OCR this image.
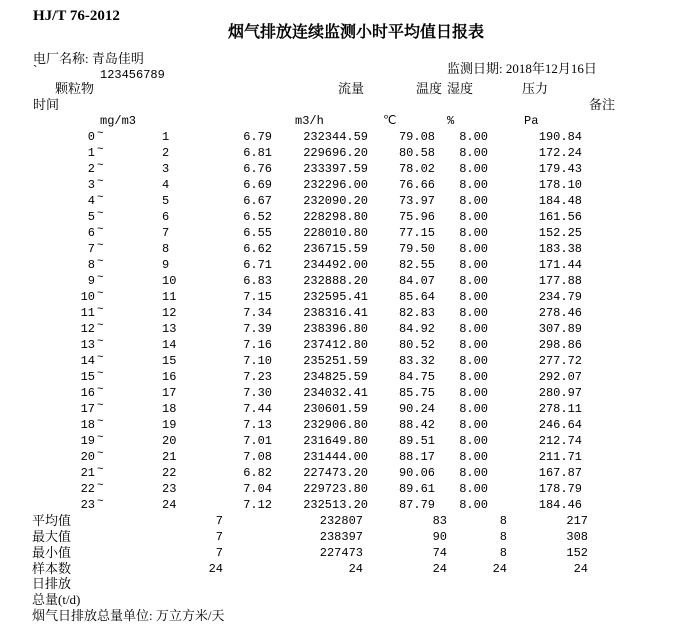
HJ/T 76-2012
烟气排放连续监测小时平均值日报表
电厂名称: 青岛佳明
`	123456789	监测日期: 2018年12月16日
颗粒物	流量	温度 湿度	压力
时间	备注
mg/m3	m3/h	℃	%	Pa
0 ~	1	6.79	232344.59	79.08 8.00	190.84
1 ~	2	6.81	229696.20	80.58 8.00	172.24
2 ~	3	6.76	233397.59	78.02 8.00	179.43
3 ~	4	6.69	232296.00	76.66 8.00	178.10
4 ~	5	6.67	232090.20	73.97 8.00	184.48
5 ~	6	6.52	228298.80	75.96 8.00	161.56
6 ~	7	6.55	228010.80	77.15 8.00	152.25
7 ~	8	6.62	236715.59	79.50 8.00	183.38
8 ~	9	6.71	234492.00	82.55 8.00	171.44
9 ~	10	6.83	232888.20	84.07 8.00	177.88
10 ~	11	7.15	232595.41	85.64 8.00	234.79
11 ~	12	7.34	238316.41	82.83 8.00	278.46
12 ~	13	7.39	238396.80	84.92 8.00	307.89
13 ~	14	7.16	237412.80	80.52 8.00	298.86
14 ~	15	7.10	235251.59	83.32 8.00	277.72
15 ~	16	7.23	234825.59	84.75 8.00	292.07
16 ~	17	7.30	234032.41	85.75 8.00	280.97
17 ~	18	7.44	230601.59	90.24 8.00	278.11
18 ~	19	7.13	232906.80	88.42 8.00	246.64
19 ~	20	7.01	231649.80	89.51 8.00	212.74
20 ~	21	7.08	231444.00	88.17 8.00	211.71
21 ~	22	6.82	227473.20	90.06 8.00	167.87
22 ~	23	7.04	229723.80	89.61 8.00	178.79
23 ~	24	7.12	232513.20	87.79 8.00	184.46
平均值	7	232807	83	8	217
最大值	7	238397	90	8	308
最小值	7	227473	74	8	152
样本数	24	24	24	24	24
日排放
总量(t/d)
烟气日排放总量单位: 万立方米/天
